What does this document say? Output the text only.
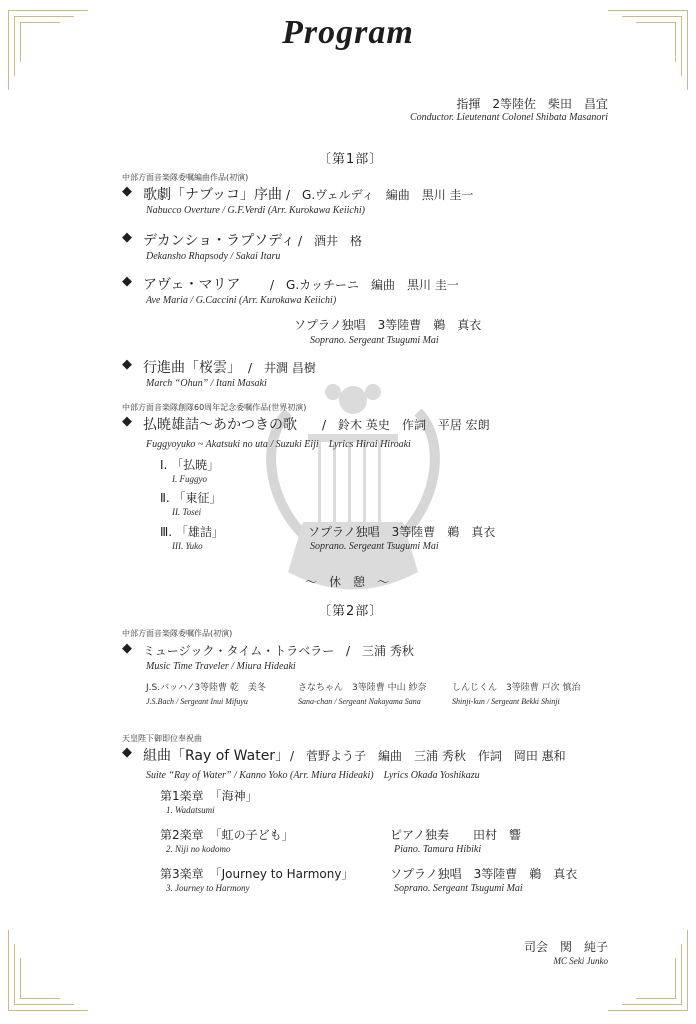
Program
指揮　2等陸佐　柴田　昌宜
Conductor. Lieutenant Colonel Shibata Masanori
〔第1部〕
中部方面音楽隊委嘱編曲作品(初演)
◆ 歌劇「ナブッコ」序曲 /　G.ヴェルディ　編曲　黒川 圭一
Nabucco Overture / G.F.Verdi (Arr. Kurokawa Keiichi)
◆ デカンショ・ラプソディ /　酒井　格
Dekansho Rhapsody / Sakai Itaru
◆ アヴェ・マリア /　G.カッチーニ　編曲　黒川 圭一
Ave Maria / G.Caccini (Arr. Kurokawa Keiichi)
ソプラノ独唱　3等陸曹　鵜　真衣
Soprano. Sergeant Tsugumi Mai
◆ 行進曲「桜雲」 /　井澗 昌樹
March “Ohun” / Itani Masaki
中部方面音楽隊創隊60周年記念委嘱作品(世界初演)
◆ 払暁雄詰～あかつきの歌 /　鈴木 英史　作詞　平居 宏朗
Fuggyoyuko ~ Akatsuki no uta / Suzuki Eiji　Lyrics Hirai Hiroaki
Ⅰ. 「払暁」
I. Fuggyo
Ⅱ. 「東征」
II. Tosei
Ⅲ. 「雄詰」
III. Yuko
ソプラノ独唱　3等陸曹　鵜　真衣
Soprano. Sergeant Tsugumi Mai
～　休　憩　～
〔第2部〕
中部方面音楽隊委嘱作品(初演)
◆ ミュージック・タイム・トラベラー /　三浦 秀秋
Music Time Traveler / Miura Hideaki
J.S.バッハ ⁄ 3等陸曹 乾　美冬
J.S.Bach / Sergeant Inui Mifuyu
さなちゃん　3等陸曹 中山 紗奈
Sana-chan / Sergeant Nakayama Sana
しんじくん　3等陸曹 戸次 慎治
Shinji-kun / Sergeant Bekki Shinji
天皇陛下御即位奉祝曲
◆ 組曲「Ray of Water」 /　菅野よう子　編曲　三浦 秀秋　作詞　岡田 惠和
Suite “Ray of Water” / Kanno Yoko (Arr. Miura Hideaki)　Lyrics Okada Yoshikazu
第1楽章　「海神」
1. Wadatsumi
第2楽章　「虹の子ども」
2. Niji no kodomo
ピアノ独奏　　田村　響
Piano. Tamura Hibiki
第3楽章　「Journey to Harmony」
3. Journey to Harmony
ソプラノ独唱　3等陸曹　鵜　真衣
Soprano. Sergeant Tsugumi Mai
司会　関　純子
MC Seki Junko
